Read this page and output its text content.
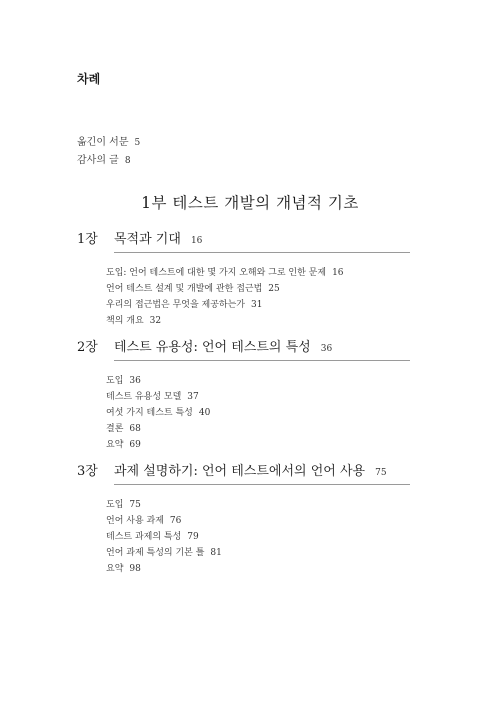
차례
옮긴이 서문 5
감사의 글 8
1부 테스트 개발의 개념적 기초
1장	목적과 기대 16
도입: 언어 테스트에 대한 몇 가지 오해와 그로 인한 문제 16
언어 테스트 설계 및 개발에 관한 접근법 25
우리의 접근법은 무엇을 제공하는가 31
책의 개요 32
2장	테스트 유용성: 언어 테스트의 특성 36
도입 36
테스트 유용성 모델 37
여섯 가지 테스트 특성 40
결론 68
요약 69
3장	과제 설명하기: 언어 테스트에서의 언어 사용 75
도입 75
언어 사용 과제 76
테스트 과제의 특성 79
언어 과제 특성의 기본 틀 81
요약 98
